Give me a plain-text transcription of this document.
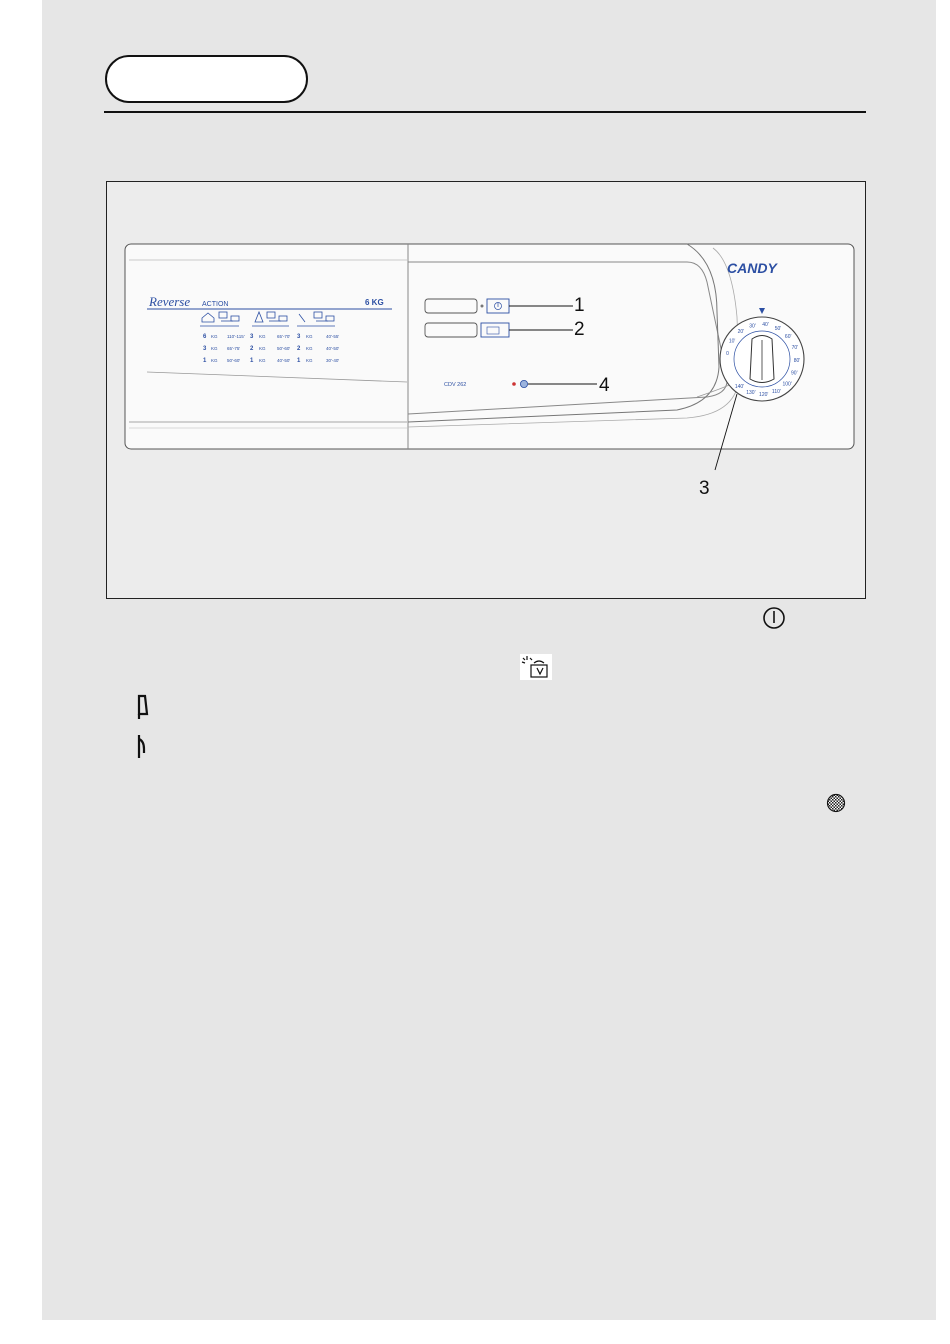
CANDY
Reverse ACTION	6 KG
6 KG 110'-115' 3 KG	65'-70' 3 KG	40'-55'
3 KG 65'-75' 2 KG	50'-60' 2 KG	40'-50'
1 KG 50'-60' 1 KG	40'-50' 1 KG	30'-40'
CDV 262
0
10'
20'
30' 40'
50'
60'
70'
80'
90'
100'
110'
120'
130'
140'
1
2
3
4
